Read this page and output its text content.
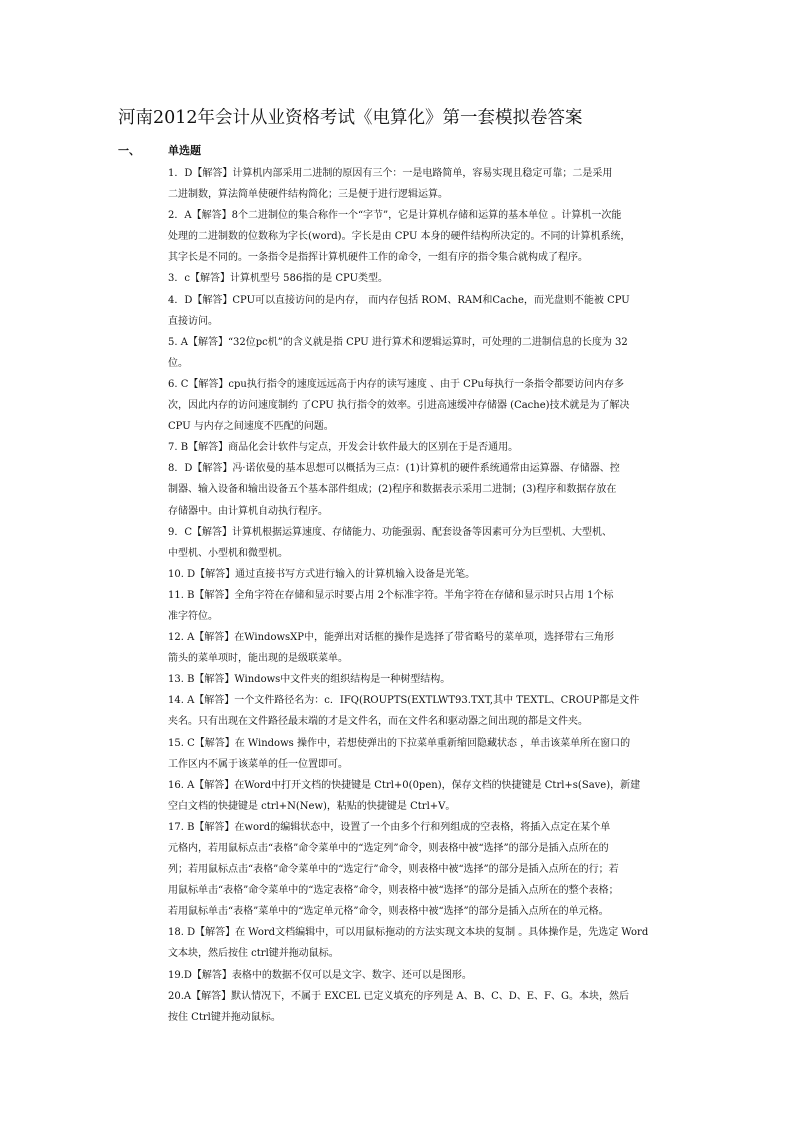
河南2012年会计从业资格考试《电算化》第一套模拟卷答案
一、	单选题
1．D【解答】计算机内部采用二进制的原因有三个：一是电路简单，容易实现且稳定可靠；二是采用
二进制数，算法简单使硬件结构简化；三是便于进行逻辑运算。
2．A【解答】8个二进制位的集合称作一个“字节”，它是计算机存储和运算的基本单位 。计算机一次能
处理的二进制数的位数称为字长(word)。字长是由 CPU 本身的硬件结构所决定的。不同的计算机系统，
其字长是不同的。一条指令是指挥计算机硬件工作的命令，一组有序的指令集合就构成了程序。
3．c【解答】计算机型号 586指的是 CPU类型。
4．D【解答】CPU可以直接访问的是内存， 而内存包括 ROM、RAM和Cache，而光盘则不能被 CPU
直接访问。
5. A【解答】“32位pc机”的含义就是指 CPU 进行算术和逻辑运算时，可处理的二进制信息的长度为 32
位。
6. C【解答】cpu执行指令的速度远远高于内存的读写速度 、由于 CPu每执行一条指令都要访问内存多
次，因此内存的访问速度制约 了CPU 执行指令的效率。引进高速缓冲存储器 (Cache)技术就是为了解决
CPU 与内存之间速度不匹配的问题。
7. B【解答】商品化会计软件与定点，开发会计软件最大的区别在于是否通用。
8．D【解答】冯·诺依曼的基本思想可以概括为三点：(1)计算机的硬件系统通常由运算器、存储器、控
制器、输入设备和输出设备五个基本部件组成；(2)程序和数据表示采用二进制；(3)程序和数据存放在
存储器中。由计算机自动执行程序。
9．C【解答】计算机根据运算速度、存储能力、功能强弱、配套设备等因素可分为巨型机、大型机、
中型机、小型机和微型机。
10. D【解答】通过直接书写方式进行输入的计算机输入设备是光笔。
11. B【解答】全角字符在存储和显示时要占用 2个标准字符。半角字符在存储和显示时只占用 1个标
准字符位。
12. A【解答】在WindowsXP中，能弹出对话框的操作是选择了带省略号的菜单项，选择带右三角形
箭头的菜单项时，能出现的是级联菜单。
13. B【解答】Windows中文件夹的组织结构是一种树型结构。
14. A【解答】一个文件路径名为：c．IFQ(ROUPTS(EXTLWT93.TXT,其中 TEXTL、CROUP都是文件
夹名。只有出现在文件路径最末端的才是文件名，而在文件名和驱动器之间出现的都是文件夹。
15. C【解答】在 Windows 操作中，若想使弹出的下拉菜单重新缩回隐藏状态 ，单击该菜单所在窗口的
工作区内不属于该菜单的任一位置即可。
16. A【解答】在Word中打开文档的快捷键是 Ctrl+0(0pen)，保存文档的快捷键是 Ctrl+s(Save)，新建
空白文档的快捷键是 ctrl+N(New)，粘贴的快捷键是 Ctrl+V。
17. B【解答】在word的编辑状态中，设置了一个由多个行和列组成的空表格，将插入点定在某个单
元格内，若用鼠标点击“表格”命令菜单中的“选定列”命令，则表格中被“选择”的部分是插入点所在的
列；若用鼠标点击“表格”命令菜单中的“选定行”命令，则表格中被“选择”的部分是插入点所在的行；若
用鼠标单击“表格”命令菜单中的“选定表格”命令，则表格中被“选择”的部分是插入点所在的整个表格；
若用鼠标单击“表格”菜单中的“选定单元格”命令，则表格中被“选择”的部分是插入点所在的单元格。
18. D【解答】在 Word文档编辑中，可以用鼠标拖动的方法实现文本块的复制 。具体操作是，先选定 Word
文本块，然后按住 ctrl键并拖动鼠标。
19.D【解答】表格中的数据不仅可以是文字、数字、还可以是图形。
20.A【解答】默认情况下，不属于 EXCEL 已定义填充的序列是 A、B、C、D、E、F、G。本块，然后
按住 Ctrl键并拖动鼠标。
